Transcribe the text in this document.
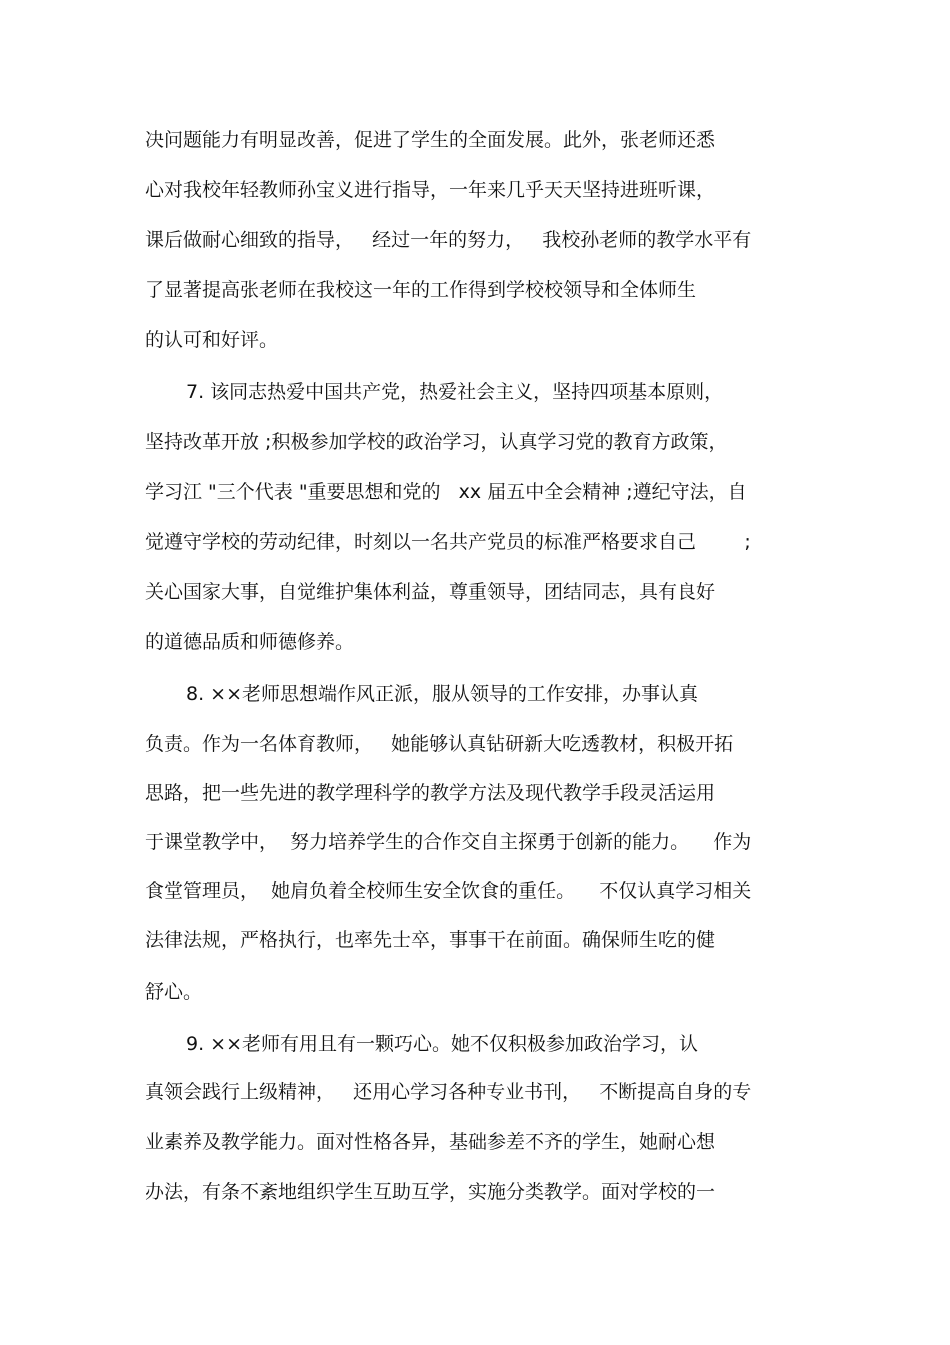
决问题能力有明显改善，促进了学生的全面发展。此外，张老师还悉

心对我校年轻教师孙宝义进行指导，一年来几乎天天坚持进班听课，

课后做耐心细致的指导，   经过一年的努力，   我校孙老师的教学水平有

了显著提高张老师在我校这一年的工作得到学校校领导和全体师生

的认可和好评。

7. 该同志热爱中国共产党，热爱社会主义，坚持四项基本原则，

坚持改革开放 ;积极参加学校的政治学习，认真学习党的教育方政策，

学习江 "三个代表 "重要思想和党的   xx 届五中全会精神 ;遵纪守法，自

觉遵守学校的劳动纪律，时刻以一名共产党员的标准严格要求自己        ;

关心国家大事，自觉维护集体利益，尊重领导，团结同志，具有良好

的道德品质和师德修养。

8. ××老师思想端作风正派，服从领导的工作安排，办事认真

负责。作为一名体育教师，   她能够认真钻研新大吃透教材，积极开拓

思路，把一些先进的教学理科学的教学方法及现代教学手段灵活运用

于课堂教学中，  努力培养学生的合作交自主探勇于创新的能力。    作为

食堂管理员，  她肩负着全校师生安全饮食的重任。    不仅认真学习相关

法律法规，严格执行，也率先士卒，事事干在前面。确保师生吃的健

舒心。

9. ××老师有用且有一颗巧心。她不仅积极参加政治学习，认

真领会践行上级精神，   还用心学习各种专业书刊，   不断提高自身的专

业素养及教学能力。面对性格各异，基础参差不齐的学生，她耐心想

办法，有条不紊地组织学生互助互学，实施分类教学。面对学校的一
